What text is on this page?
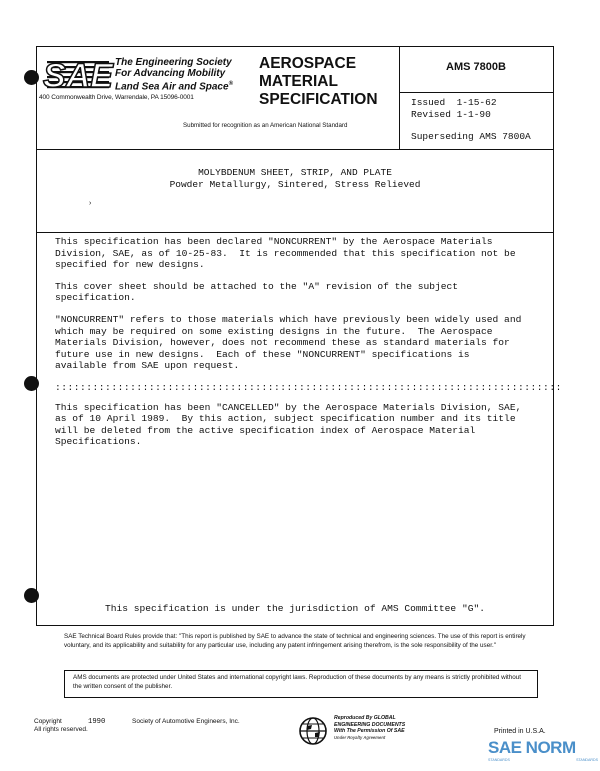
SAE The Engineering Society
For Advancing Mobility
Land Sea Air and Space®
400 Commonwealth Drive, Warrendale, PA 15096-0001
AEROSPACE
MATERIAL
SPECIFICATION
Submitted for recognition as an American National Standard
AMS 7800B
Issued  1-15-62
Revised 1-1-90
Superseding AMS 7800A
MOLYBDENUM SHEET, STRIP, AND PLATE
Powder Metallurgy, Sintered, Stress Relieved
›

This specification has been declared "NONCURRENT" by the Aerospace Materials
Division, SAE, as of 10-25-83.  It is recommended that this specification not be
specified for new designs.

This cover sheet should be attached to the "A" revision of the subject
specification.

"NONCURRENT" refers to those materials which have previously been widely used and
which may be required on some existing designs in the future.  The Aerospace
Materials Division, however, does not recommend these as standard materials for
future use in new designs.  Each of these "NONCURRENT" specifications is
available from SAE upon request.

:::::::::::::::::::::::::::::::::::::::::::::::::::::::::::::::::::::::::::::::::

This specification has been "CANCELLED" by the Aerospace Materials Division, SAE,
as of 10 April 1989.  By this action, subject specification number and its title
will be deleted from the active specification index of Aerospace Material
Specifications.

This specification is under the jurisdiction of AMS Committee "G".
SAE Technical Board Rules provide that: "This report is published by SAE to advance the state of technical and engineering sciences. The use of this report is entirely voluntary, and its applicability and suitability for any particular use, including any patent infringement arising therefrom, is the sole responsibility of the user."
AMS documents are protected under United States and international copyright laws. Reproduction of these documents by any means is strictly prohibited without the written consent of the publisher.
Copyright
All rights reserved.
1990	Society of Automotive Engineers, Inc.	Reproduced By GLOBAL
ENGINEERING DOCUMENTS
With The Permission Of SAE
Under Royalty Agreement
Printed in U.S.A.
SAE NORM
STANDARDS	STANDARDS
